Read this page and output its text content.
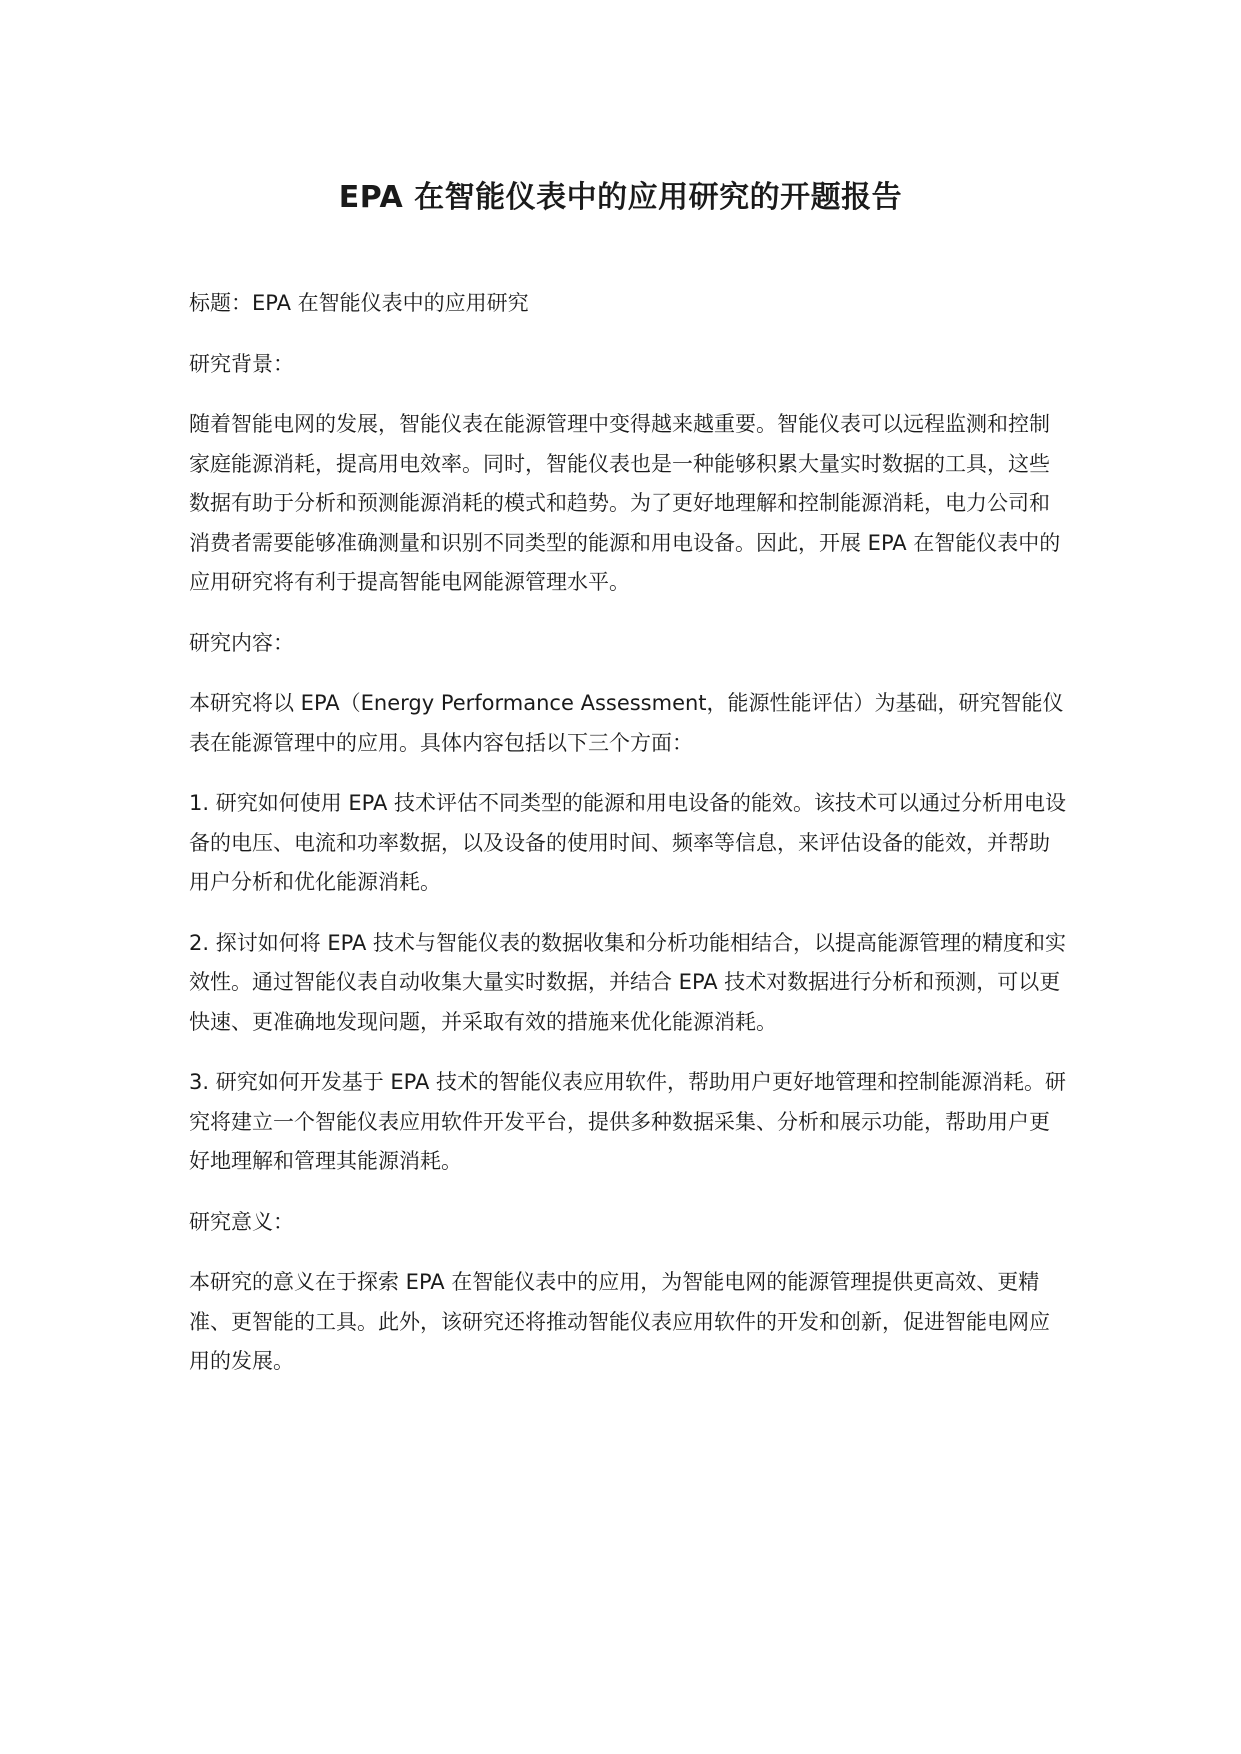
EPA 在智能仪表中的应用研究的开题报告

标题：EPA 在智能仪表中的应用研究

研究背景：

随着智能电网的发展，智能仪表在能源管理中变得越来越重要。智能仪表可以远程监测和控制家庭能源消耗，提高用电效率。同时，智能仪表也是一种能够积累大量实时数据的工具，这些数据有助于分析和预测能源消耗的模式和趋势。为了更好地理解和控制能源消耗，电力公司和消费者需要能够准确测量和识别不同类型的能源和用电设备。因此，开展 EPA 在智能仪表中的应用研究将有利于提高智能电网能源管理水平。

研究内容：

本研究将以 EPA（Energy Performance Assessment，能源性能评估）为基础，研究智能仪表在能源管理中的应用。具体内容包括以下三个方面：

1. 研究如何使用 EPA 技术评估不同类型的能源和用电设备的能效。该技术可以通过分析用电设备的电压、电流和功率数据，以及设备的使用时间、频率等信息，来评估设备的能效，并帮助用户分析和优化能源消耗。

2. 探讨如何将 EPA 技术与智能仪表的数据收集和分析功能相结合，以提高能源管理的精度和实效性。通过智能仪表自动收集大量实时数据，并结合 EPA 技术对数据进行分析和预测，可以更快速、更准确地发现问题，并采取有效的措施来优化能源消耗。

3. 研究如何开发基于 EPA 技术的智能仪表应用软件，帮助用户更好地管理和控制能源消耗。研究将建立一个智能仪表应用软件开发平台，提供多种数据采集、分析和展示功能，帮助用户更好地理解和管理其能源消耗。

研究意义：

本研究的意义在于探索 EPA 在智能仪表中的应用，为智能电网的能源管理提供更高效、更精准、更智能的工具。此外，该研究还将推动智能仪表应用软件的开发和创新，促进智能电网应用的发展。
